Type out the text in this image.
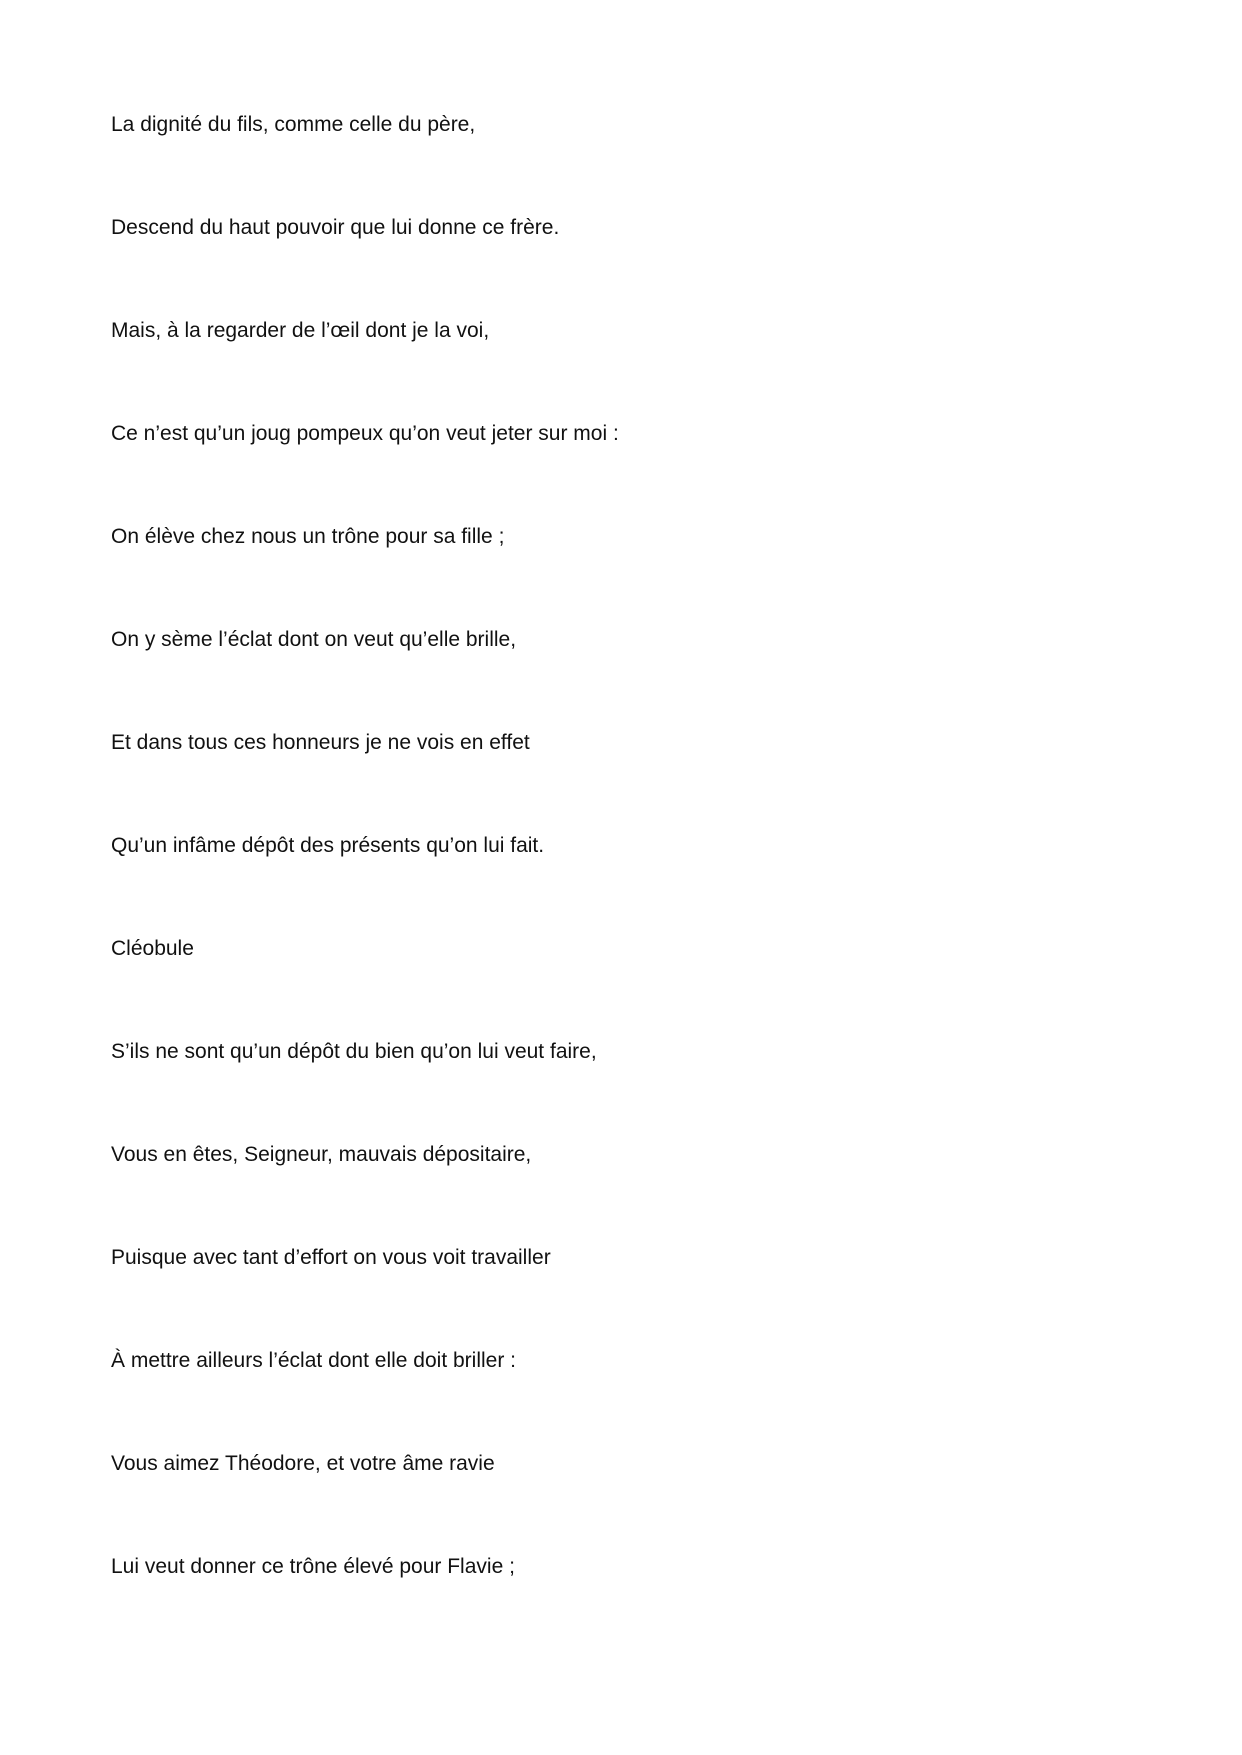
La dignité du fils, comme celle du père,
Descend du haut pouvoir que lui donne ce frère.
Mais, à la regarder de l’œil dont je la voi,
Ce n’est qu’un joug pompeux qu’on veut jeter sur moi :
On élève chez nous un trône pour sa fille ;
On y sème l’éclat dont on veut qu’elle brille,
Et dans tous ces honneurs je ne vois en effet
Qu’un infâme dépôt des présents qu’on lui fait.
Cléobule
S’ils ne sont qu’un dépôt du bien qu’on lui veut faire,
Vous en êtes, Seigneur, mauvais dépositaire,
Puisque avec tant d’effort on vous voit travailler
À mettre ailleurs l’éclat dont elle doit briller :
Vous aimez Théodore, et votre âme ravie
Lui veut donner ce trône élevé pour Flavie ;
